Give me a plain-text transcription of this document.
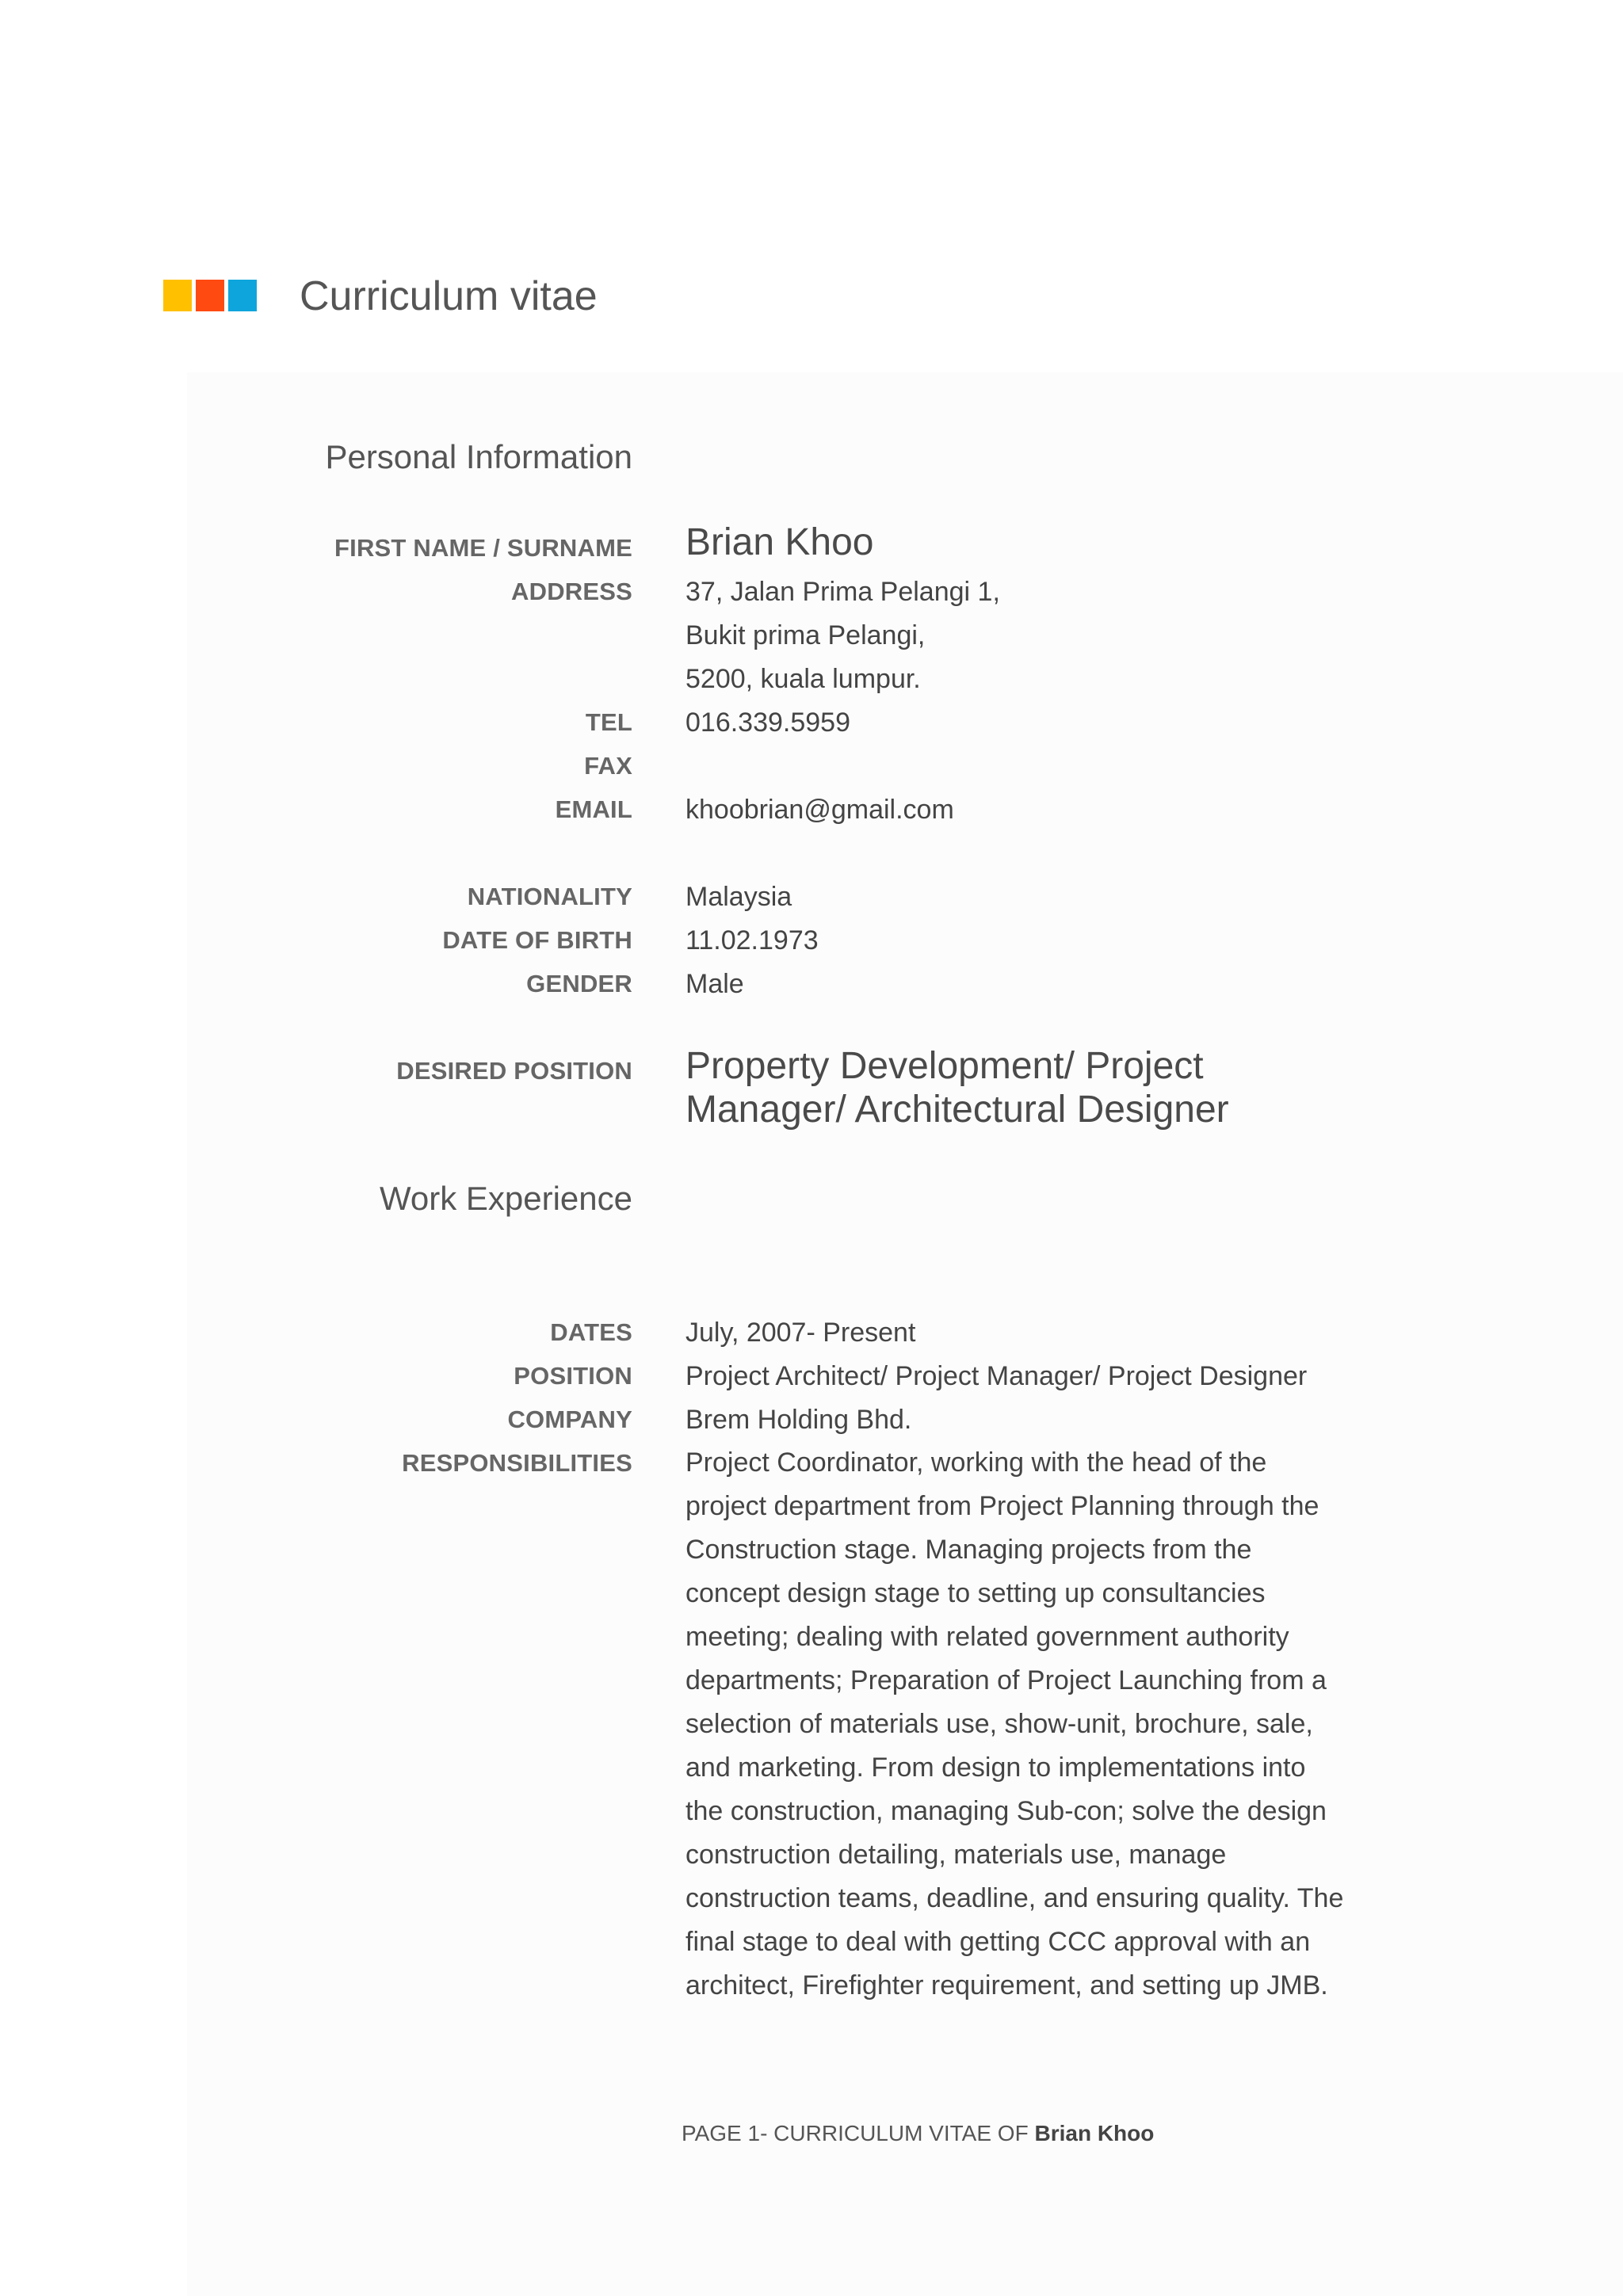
Curriculum vitae
Personal Information
FIRST NAME / SURNAME Brian Khoo
ADDRESS 37, Jalan Prima Pelangi 1,
Bukit prima Pelangi,
5200, kuala lumpur.
TEL 016.339.5959
FAX
EMAIL khoobrian@gmail.com
NATIONALITY Malaysia
DATE OF BIRTH 11.02.1973
GENDER Male
DESIRED POSITION Property Development/ Project
Manager/ Architectural Designer
Work Experience
DATES July, 2007- Present
POSITION Project Architect/ Project Manager/ Project Designer
COMPANY Brem Holding Bhd.
RESPONSIBILITIES Project Coordinator, working with the head of the
project department from Project Planning through the
Construction stage. Managing projects from the
concept design stage to setting up consultancies
meeting; dealing with related government authority
departments; Preparation of Project Launching from a
selection of materials use, show-unit, brochure, sale,
and marketing. From design to implementations into
the construction, managing Sub-con; solve the design
construction detailing, materials use, manage
construction teams, deadline, and ensuring quality. The
final stage to deal with getting CCC approval with an
architect, Firefighter requirement, and setting up JMB.
PAGE 1- CURRICULUM VITAE OF Brian Khoo
